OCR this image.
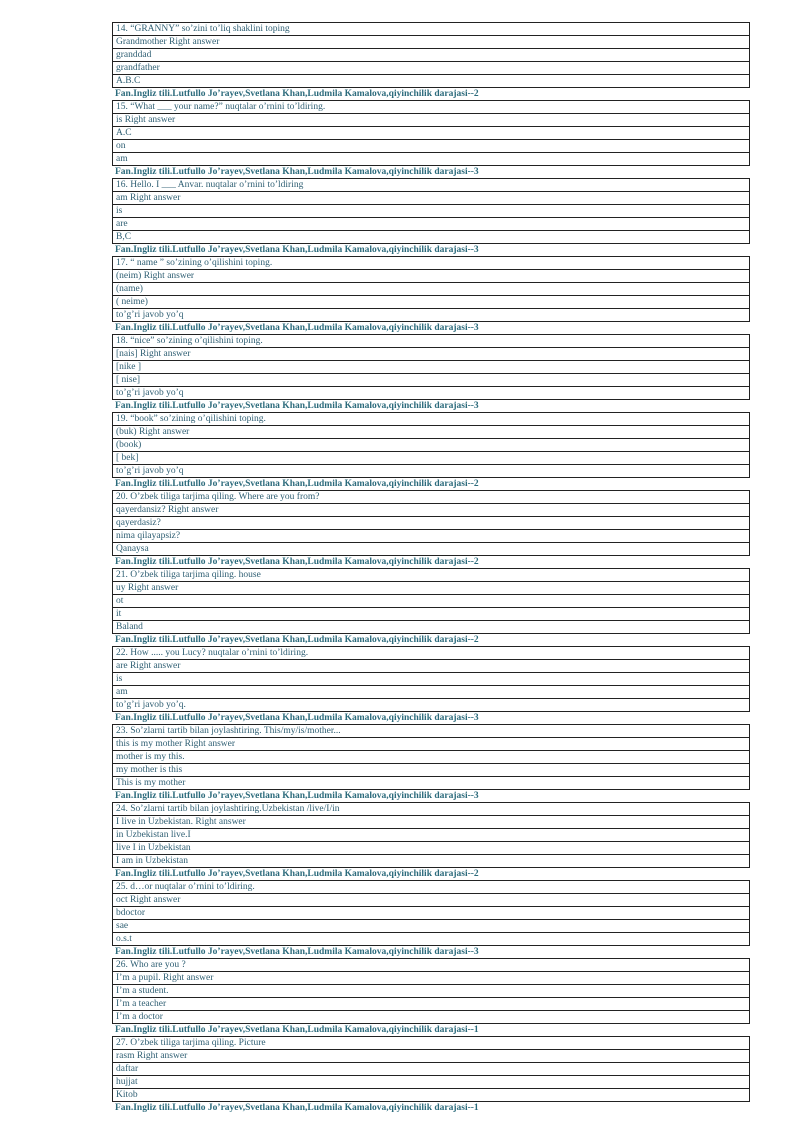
14. “GRANNY” so’zini to’liq shaklini toping
Grandmother Right answer
granddad
grandfather
A.B.C
Fan.Ingliz tili.Lutfullo Jo’rayev,Svetlana Khan,Ludmila Kamalova,qiyinchilik darajasi--2
15. “What ___ your name?” nuqtalar o’rnini to’ldiring.
is Right answer
A.C
on
am
Fan.Ingliz tili.Lutfullo Jo’rayev,Svetlana Khan,Ludmila Kamalova,qiyinchilik darajasi--3
16. Hello. I ___ Anvar. nuqtalar o’rnini to’ldiring
am Right answer
is
are
B,C
Fan.Ingliz tili.Lutfullo Jo’rayev,Svetlana Khan,Ludmila Kamalova,qiyinchilik darajasi--3
17. “ name ” so’zining o’qilishini toping.
(neim) Right answer
(name)
( neime)
to’g’ri javob yo’q
Fan.Ingliz tili.Lutfullo Jo’rayev,Svetlana Khan,Ludmila Kamalova,qiyinchilik darajasi--3
18. “nice” so’zining o’qilishini toping.
[nais] Right answer
[nike ]
[ nise]
to’g’ri javob yo’q
Fan.Ingliz tili.Lutfullo Jo’rayev,Svetlana Khan,Ludmila Kamalova,qiyinchilik darajasi--3
19. “book” so’zining o’qilishini toping.
(buk) Right answer
(book)
[ bek]
to’g’ri javob yo’q
Fan.Ingliz tili.Lutfullo Jo’rayev,Svetlana Khan,Ludmila Kamalova,qiyinchilik darajasi--2
20. O’zbek tiliga tarjima qiling. Where are you from?
qayerdansiz? Right answer
qayerdasiz?
nima qilayapsiz?
Qanaysa
Fan.Ingliz tili.Lutfullo Jo’rayev,Svetlana Khan,Ludmila Kamalova,qiyinchilik darajasi--2
21. O’zbek tiliga tarjima qiling. house
uy Right answer
ot
it
Baland
Fan.Ingliz tili.Lutfullo Jo’rayev,Svetlana Khan,Ludmila Kamalova,qiyinchilik darajasi--2
22. How ..... you Lucy? nuqtalar o’rnini to’ldiring.
are Right answer
is
am
to’g’ri javob yo’q.
Fan.Ingliz tili.Lutfullo Jo’rayev,Svetlana Khan,Ludmila Kamalova,qiyinchilik darajasi--3
23. So’zlarni tartib bilan joylashtiring. This/my/is/mother...
this is my mother Right answer
mother is my this.
my mother is this
This is my mother
Fan.Ingliz tili.Lutfullo Jo’rayev,Svetlana Khan,Ludmila Kamalova,qiyinchilik darajasi--3
24. So’zlarni tartib bilan joylashtiring.Uzbekistan /live/I/in
I live in Uzbekistan. Right answer
in Uzbekistan live.I
live I in Uzbekistan
I am in Uzbekistan
Fan.Ingliz tili.Lutfullo Jo’rayev,Svetlana Khan,Ludmila Kamalova,qiyinchilik darajasi--2
25. d…or nuqtalar o’rnini to’ldiring.
oct Right answer
bdoctor
sae
o.s.t
Fan.Ingliz tili.Lutfullo Jo’rayev,Svetlana Khan,Ludmila Kamalova,qiyinchilik darajasi--3
26. Who are you ?
I’m a pupil. Right answer
I’m a student.
I’m a teacher
I’m a doctor
Fan.Ingliz tili.Lutfullo Jo’rayev,Svetlana Khan,Ludmila Kamalova,qiyinchilik darajasi--1
27. O’zbek tiliga tarjima qiling. Picture
rasm Right answer
daftar
hujjat
Kitob
Fan.Ingliz tili.Lutfullo Jo’rayev,Svetlana Khan,Ludmila Kamalova,qiyinchilik darajasi--1
